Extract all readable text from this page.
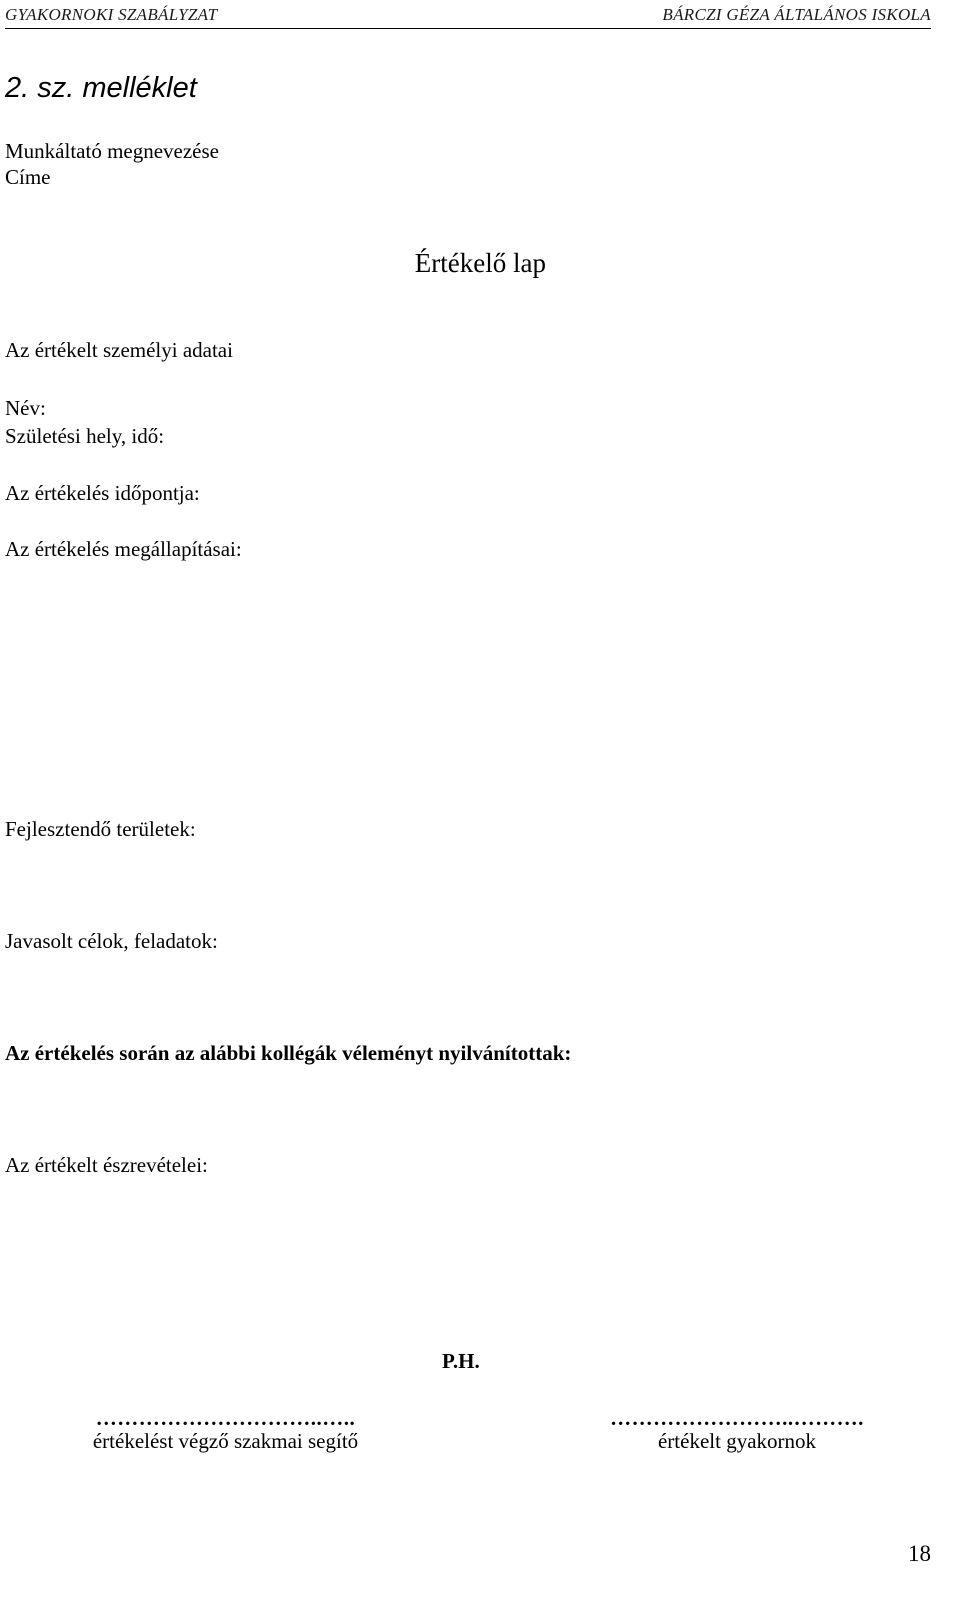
GYAKORNOKI SZABÁLYZAT	BÁRCZI GÉZA ÁLTALÁNOS ISKOLA
2. sz. melléklet
Munkáltató megnevezése
Címe
Értékelő lap
Az értékelt személyi adatai
Név:
Születési hely, idő:
Az értékelés időpontja:
Az értékelés megállapításai:
Fejlesztendő területek:
Javasolt célok, feladatok:
Az értékelés során az alábbi kollégák véleményt nyilvánítottak:
Az értékelt észrevételei:
P.H.
…………………………..…..
értékelést végző szakmai segítő
……………………..……….
értékelt gyakornok
18
